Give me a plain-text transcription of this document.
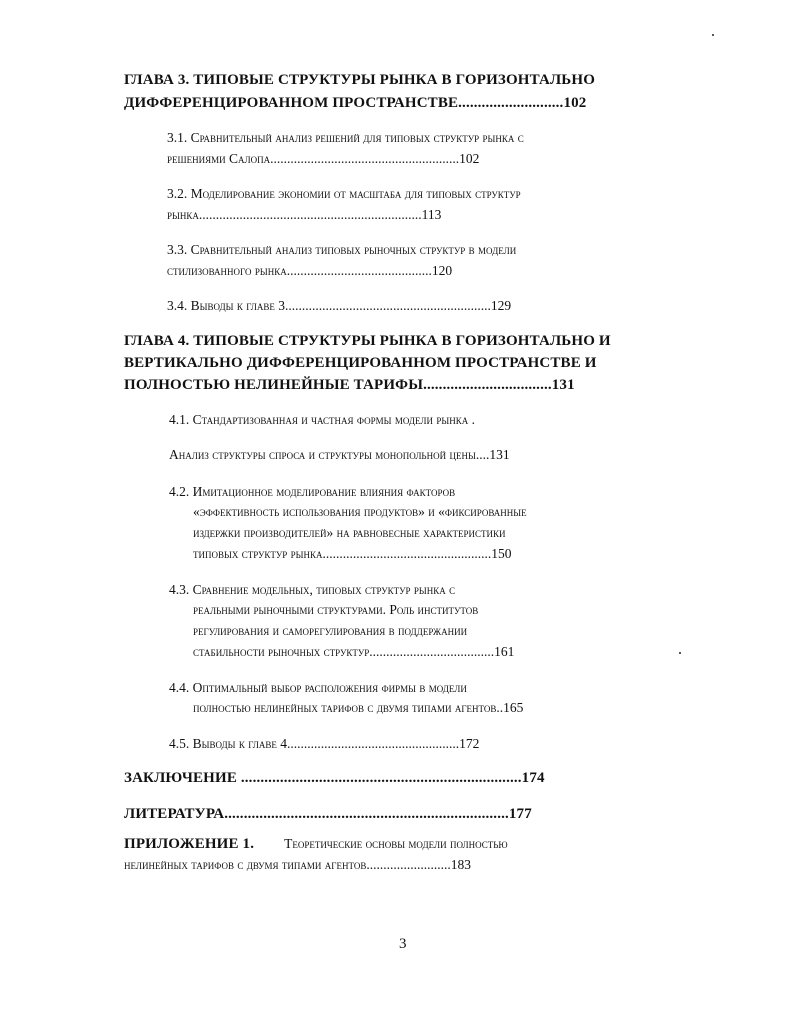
ГЛАВА 3. ТИПОВЫЕ СТРУКТУРЫ РЫНКА В ГОРИЗОНТАЛЬНО
ДИФФЕРЕНЦИРОВАННОМ ПРОСТРАНСТВЕ...........................102
3.1. Сравнительный анализ решений для типовых структур рынка с
решениями Салопа........................................................102
3.2. Моделирование экономии от масштаба для типовых структур
рынка..................................................................113
3.3. Сравнительный анализ типовых рыночных структур в модели
стилизованного рынка...........................................120
3.4. Выводы к главе 3.............................................................129
ГЛАВА 4. ТИПОВЫЕ СТРУКТУРЫ РЫНКА В ГОРИЗОНТАЛЬНО И
ВЕРТИКАЛЬНО ДИФФЕРЕНЦИРОВАННОМ ПРОСТРАНСТВЕ И
ПОЛНОСТЬЮ НЕЛИНЕЙНЫЕ ТАРИФЫ.................................131
4.1. Стандартизованная и частная формы модели рынка .
Анализ структуры спроса и структуры монопольной цены....131
4.2. Имитационное моделирование влияния факторов
«эффективность использования продуктов» и «фиксированные
издержки производителей» на равновесные характеристики
типовых структур рынка..................................................150
4.3. Сравнение модельных, типовых структур рынка с
реальными рыночными структурами. Роль институтов
регулирования и саморегулирования в поддержании
стабильности рыночных структур.....................................161
4.4. Оптимальный выбор расположения фирмы в модели
полностью нелинейных тарифов с двумя типами агентов..165
4.5. Выводы к главе 4...................................................172
ЗАКЛЮЧЕНИЕ ........................................................................174
ЛИТЕРАТУРА.........................................................................177
ПРИЛОЖЕНИЕ 1. Теоретические основы модели полностью
нелинейных тарифов с двумя типами агентов.........................183
3
